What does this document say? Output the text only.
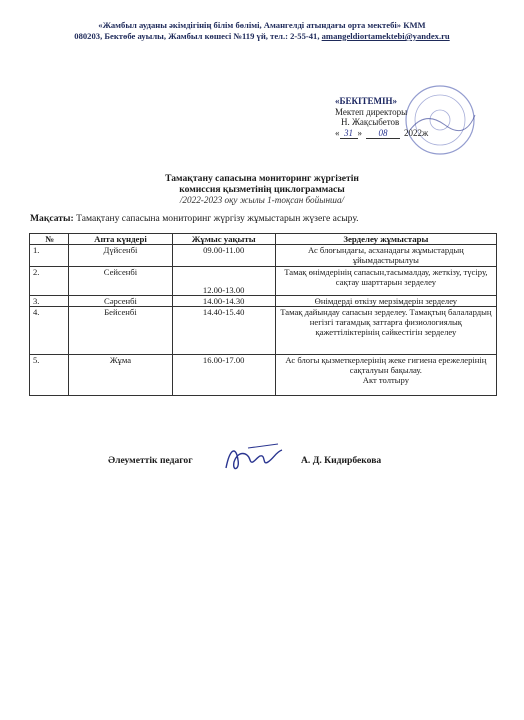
«Жамбыл ауданы әкімдігінің білім бөлімі, Амангелді атындағы орта мектебі» КММ
080203, Бектөбе ауылы, Жамбыл көшесі №119 үй, тел.: 2-55-41, amangeldiortamektebi@yandex.ru
«БЕКІТЕМІН»
Мектеп директоры
Н. Жақсыбетов
« 31 » 08 2022ж
Тамақтану сапасына мониторинг жүргізетін
комиссия қызметінің циклограммасы
/2022-2023 оқу жылы 1-тоқсан бойынша/
Мақсаты: Тамақтану сапасына мониторинг жүргізу жұмыстарын жүзеге асыру.
№	Апта күндері	Жұмыс уақыты	Зерделеу жұмыстары
1.	Дүйсенбі	09.00-11.00	Ас блоғындағы, асханадағы жұмыстардың ұйымдастырылуы
2.	Сейсенбі	12.00-13.00	Тамақ өнімдерінің сапасын,тасымалдау, жеткізу, түсіру, сақтау шарттарын зерделеу
3.	Сәрсенбі	14.00-14.30	Өнімдерді өткізу мерзімдерін зерделеу
4.	Бейсенбі	14.40-15.40	Тамақ дайындау сапасын зерделеу. Тамақтың балалардың негізгі тағамдық заттарға физиологиялық қажеттіліктерінің сәйкестігін зерделеу
5.	Жұма	16.00-17.00	Ас блогы қызметкерлерінің жеке гигиена ережелерінің сақталуын бақылау.
Акт толтыру
Әлеуметтік педагог	А. Д. Кидирбекова
